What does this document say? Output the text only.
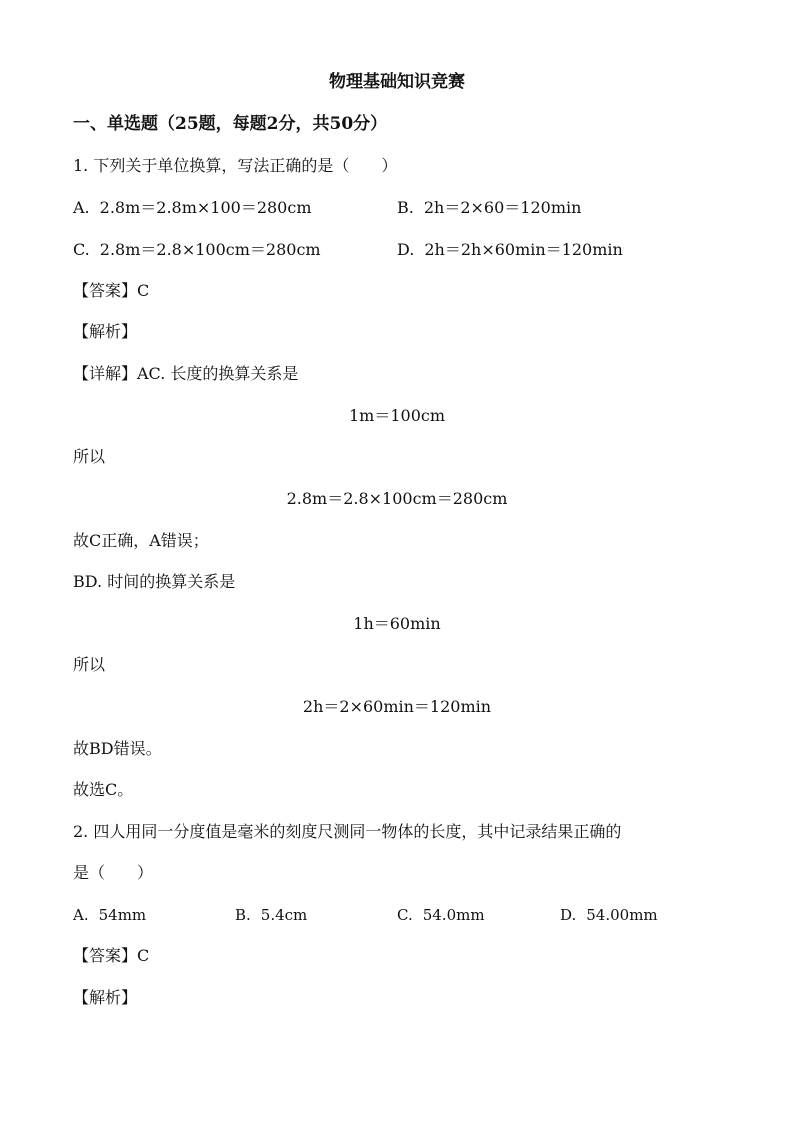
物理基础知识竞赛
一、单选题（25题，每题2分，共50分）
1. 下列关于单位换算，写法正确的是（　　）
A. 2.8m＝2.8m×100＝280cm	B. 2h＝2×60＝120min
C. 2.8m＝2.8×100cm＝280cm	D. 2h＝2h×60min＝120min
【答案】C
【解析】
【详解】AC. 长度的换算关系是
1m＝100cm
所以
2.8m＝2.8×100cm＝280cm
故C正确，A错误；
BD. 时间的换算关系是
1h＝60min
所以
2h＝2×60min＝120min
故BD错误。
故选C。
2. 四人用同一分度值是毫米的刻度尺测同一物体的长度，其中记录结果正确的
是（　　）
A. 54mm	B. 5.4cm	C. 54.0mm	D. 54.00mm
【答案】C
【解析】
